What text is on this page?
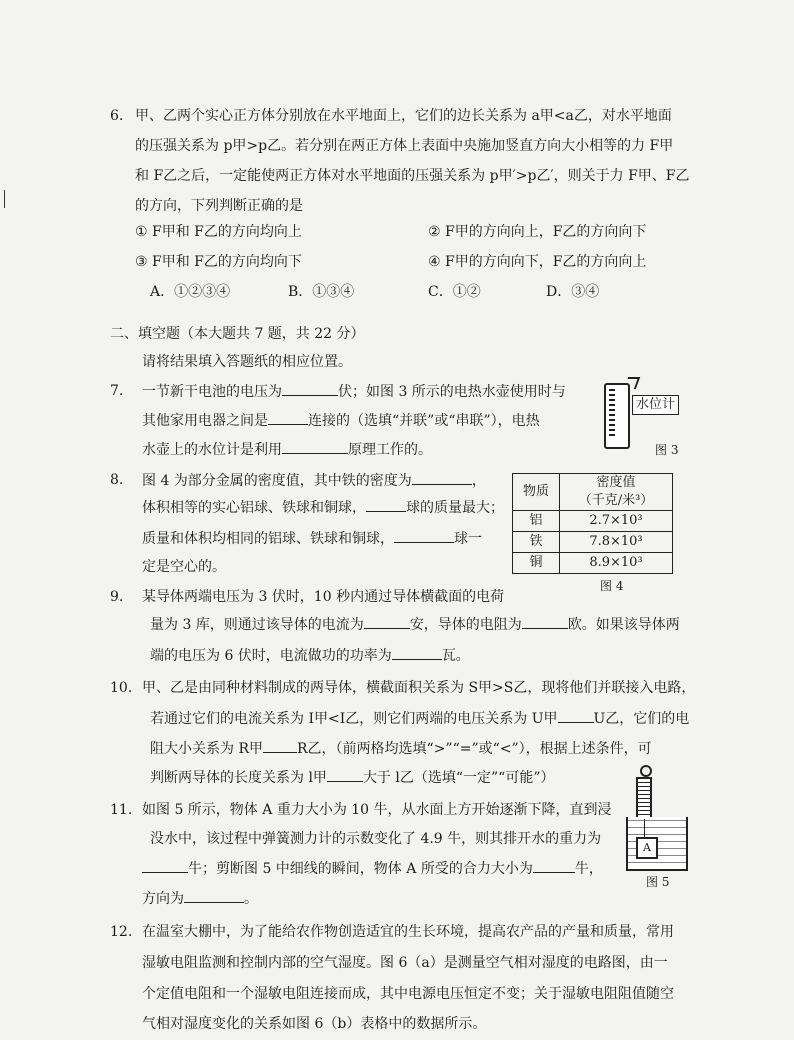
6. 甲、乙两个实心正方体分别放在水平地面上，它们的边长关系为 a甲<a乙，对水平地面
的压强关系为 p甲>p乙。若分别在两正方体上表面中央施加竖直方向大小相等的力 F甲
和 F乙之后，一定能使两正方体对水平地面的压强关系为 p甲′>p乙′，则关于力 F甲、F乙
的方向，下列判断正确的是
① F甲和 F乙的方向均向上	② F甲的方向向上，F乙的方向向下
③ F甲和 F乙的方向均向下	④ F甲的方向向下，F乙的方向向上
A．①②③④	B．①③④	C．①②	D．③④
二、填空题（本大题共 7 题，共 22 分）
请将结果填入答题纸的相应位置。
7. 一节新干电池的电压为	伏；如图 3 所示的电热水壶使用时与
其他家用电器之间是	连接的（选填“并联”或“串联”），电热
水壶上的水位计是利用	原理工作的。
水位计
图 3
8. 图 4 为部分金属的密度值，其中铁的密度为	，
体积相等的实心铝球、铁球和铜球，	球的质量最大；
质量和体积均相同的铝球、铁球和铜球，	球一
定是空心的。
物质	密度值
（千克/米³）

铝	2.7×10³
铁	7.8×10³
铜	8.9×10³
图 4
9. 某导体两端电压为 3 伏时，10 秒内通过导体横截面的电荷
量为 3 库，则通过该导体的电流为	安，导体的电阻为	欧。如果该导体两
端的电压为 6 伏时，电流做功的功率为	瓦。
10. 甲、乙是由同种材料制成的两导体，横截面积关系为 S甲>S乙，现将他们并联接入电路，
若通过它们的电流关系为 I甲<I乙，则它们两端的电压关系为 U甲	U乙，它们的电
阻大小关系为 R甲 R乙，（前两格均选填“>”“=”或“<”），根据上述条件，可
判断两导体的长度关系为 l甲	大于 l乙（选填“一定”“可能”）
11. 如图 5 所示，物体 A 重力大小为 10 牛，从水面上方开始逐渐下降，直到浸
没水中，该过程中弹簧测力计的示数变化了 4.9 牛，则其排开水的重力为
牛；剪断图 5 中细线的瞬间，物体 A 所受的合力大小为	牛，
方向为	。
A
图 5
12. 在温室大棚中，为了能给农作物创造适宜的生长环境，提高农产品的产量和质量，常用
湿敏电阻监测和控制内部的空气湿度。图 6（a）是测量空气相对湿度的电路图，由一
个定值电阻和一个湿敏电阻连接而成，其中电源电压恒定不变；关于湿敏电阻阻值随空
气相对湿度变化的关系如图 6（b）表格中的数据所示。
